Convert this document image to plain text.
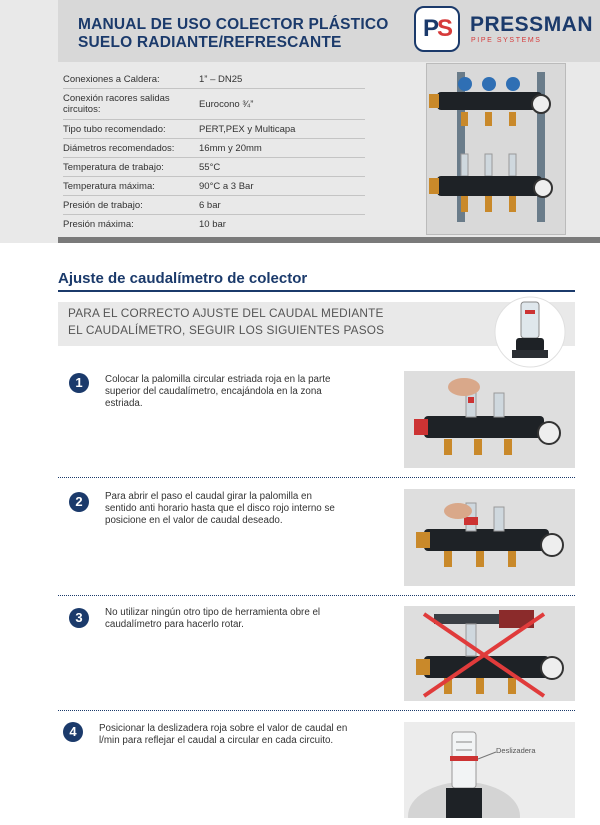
MANUAL DE USO COLECTOR PLÁSTICO
SUELO RADIANTE/REFRESCANTE
PS PRESSMAN
PIPE SYSTEMS
Conexiones a Caldera:	1” – DN25
Conexión racores salidas circuitos:	Eurocono ¾”
Tipo tubo recomendado:	PERT,PEX y Multicapa
Diámetros recomendados:	16mm y 20mm
Temperatura de trabajo:	55°C
Temperatura máxima:	90°C a 3 Bar
Presión de trabajo:	6 bar
Presión máxima:	10 bar
Ajuste de caudalímetro de colector
PARA EL CORRECTO AJUSTE DEL CAUDAL MEDIANTE EL CAUDALÍMETRO, SEGUIR LOS SIGUIENTES PASOS
1	Colocar la palomilla circular estriada roja en la parte superior del caudalímetro, encajándola en la zona estriada.
2	Para abrir el paso el caudal girar la palomilla en sentido anti horario hasta que el disco rojo interno se posicione en el valor de caudal deseado.
3	No utilizar ningún otro tipo de herramienta obre el caudalímetro para hacerlo rotar.
4	Posicionar la deslizadera roja sobre el valor de caudal en l/min para reflejar el caudal a circular en cada circuito.
Deslizadera
